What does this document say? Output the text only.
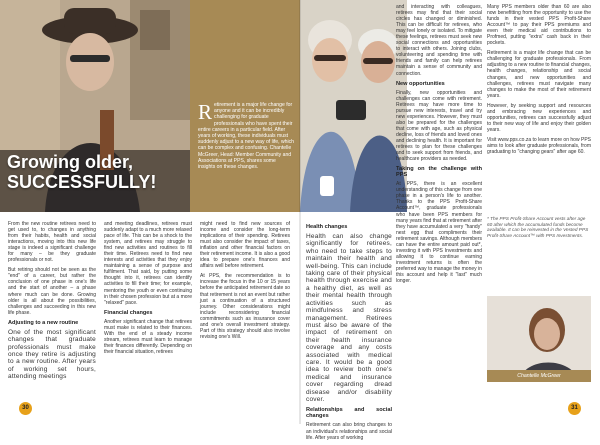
Growing older,
SUCCESSFULLY!
Retirement is a major life change for anyone and it can be incredibly challenging for graduate professionals who have spent their entire careers in a particular field. After years of working, these individuals must suddenly adjust to a new way of life, which can be complex and confusing. Chantelle McGreer, Head: Member Community and Associations at PPS, shares some insights on these changes.

From the new routine retirees need to get used to, to changes in anything from their habits, health and social interactions, moving into this new life stage is indeed a significant challenge for many – be they graduate professionals or not.

But retiring should not be seen as the "end" of a career, but rather the conclusion of one phase in one's life and the start of another – a phase where much can be done. Growing older is all about the possibilities, challenges and succeeding in this new life phase.

Adjusting to a new routine

One of the most significant changes that graduate professionals must make once they retire is adjusting to a new routine. After years of working set hours, attending meetings

and meeting deadlines, retirees must suddenly adapt to a much more relaxed pace of life. This can be a shock to the system, and retirees may struggle to find new activities and routines to fill their time. Retirees need to find new interests and activities that they enjoy maintaining a sense of purpose and fulfilment. That said, by putting some thought into it, retirees can identify activities to fill their time; for example, mentoring the youth or even continuing in their chosen profession but at a more "relaxed" pace.

Financial changes

Another significant change that retirees must make is related to their finances. With the end of a steady income stream, retirees must learn to manage their finances differently. Depending on their financial situation, retirees

might need to find new sources of income and consider the long-term implications of their spending. Retirees must also consider the impact of taxes, inflation and other financial factors on their retirement income. It is also a good idea to prepare one's finances and affairs well before retirement.

At PPS, the recommendation is to increase the focus in the 10 or 15 years before the anticipated retirement date so that retirement is not an event but rather just a continuation of a structured journey. Other considerations might include reconsidering financial commitments such as insurance cover and one's overall investment strategy. Part of this strategy should also involve revising one's Will.

Health changes

Health can also change significantly for retirees, who need to take steps to maintain their health and well-being. This can include taking care of their physical health through exercise and a healthy diet, as well as their mental health through activities such as mindfulness and stress management. Retirees must also be aware of the impact of retirement on their health insurance coverage and any costs associated with medical care. It would be a good idea to review both one's medical and insurance cover regarding dread disease and/or disability cover.

Relationships and social changes

Retirement can also bring changes to an individual's relationships and social life. After years of working

and interacting with colleagues, retirees may find that their social circles has changed or diminished. This can be difficult for retirees, who may feel lonely or isolated. To mitigate these feelings, retirees must seek new social connections and opportunities to interact with others. Joining clubs, volunteering and spending time with friends and family can help retirees maintain a sense of community and connection.

New opportunities

Finally, new opportunities and challenges can come with retirement. Retirees may have more time to pursue new interests, travel and try new experiences. However, they must also be prepared for the challenges that come with age, such as physical decline, loss of friends and loved ones and declining health. It is important for retirees to plan for these challenges and to seek support from friends, and healthcare providers as needed.

Taking on the challenge with PPS

At PPS, there is an excellent understanding of this change from one phase in a person's life to another. Thanks to the PPS Profit-Share Account™, graduate professionals who have been PPS members for many years find that at retirement after they have accumulated a very "handy" nest egg that compliments their retirement savings. Although members can have the entire amount paid out*, investing it with PPS Investments and allowing it to continue earning investment returns is often the preferred way to manage the money in this account and help it "last" much longer.

Many PPS members older than 60 are also now benefitting from the opportunity to use the funds in their vested PPS Profit-Share Account™ to pay their PPS premiums and even their medical aid contributions to Profmed, putting "extra" cash back in their pockets.

Retirement is a major life change that can be challenging for graduate professionals. From adjusting to a new routine to financial changes, health changes, relationship and social changes, and new opportunities and challenges, retirees must navigate many changes to make the most of their retirement years.

However, by seeking support and resources and embracing new experiences and opportunities, retirees can successfully adjust to their new way of life and enjoy their golden years.

Visit www.pps.co.za to learn more on how PPS aims to look after graduate professionals, from graduating to "changing gears" after age 60.

* The PPS Profit-Share Account vests after age 60 after which the accumulated funds become available. It can be reinvested in the Vested PPS Profit-Share Account™ with PPS Investments.
Chantelle McGreer
30	31
